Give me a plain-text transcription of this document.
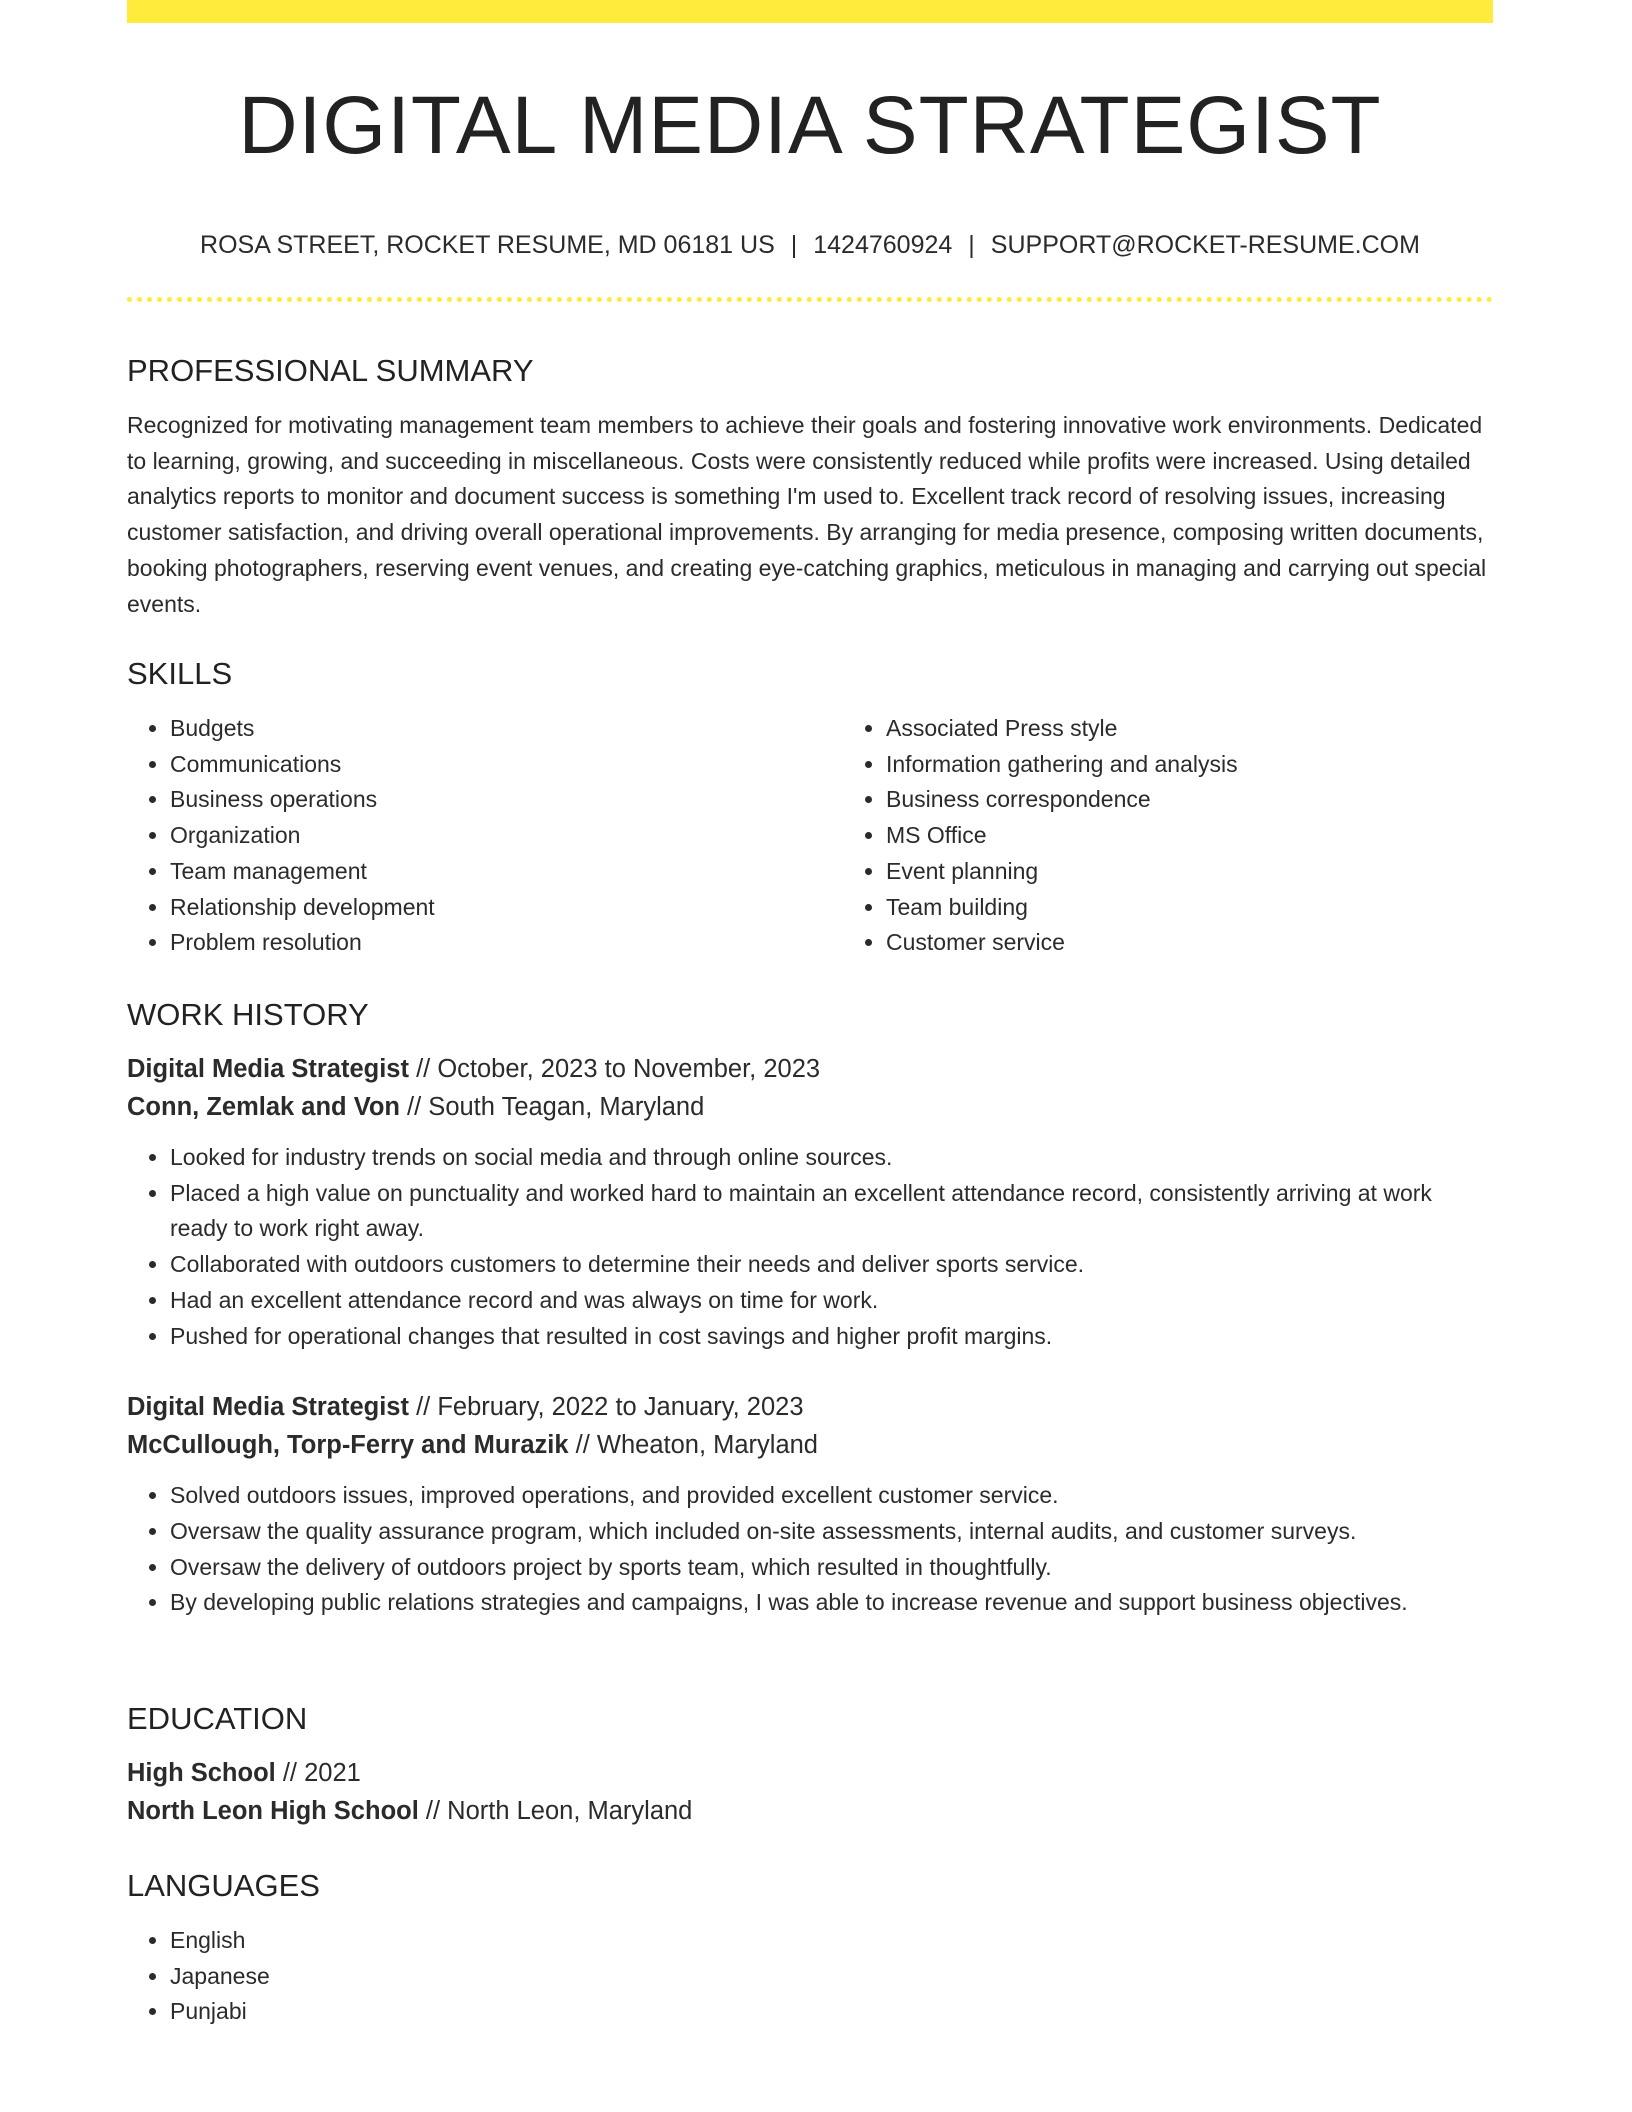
DIGITAL MEDIA STRATEGIST
ROSA STREET, ROCKET RESUME, MD 06181 US | 1424760924 | SUPPORT@ROCKET-RESUME.COM
PROFESSIONAL SUMMARY

Recognized for motivating management team members to achieve their goals and fostering innovative work environments. Dedicated to learning, growing, and succeeding in miscellaneous. Costs were consistently reduced while profits were increased. Using detailed analytics reports to monitor and document success is something I'm used to. Excellent track record of resolving issues, increasing customer satisfaction, and driving overall operational improvements. By arranging for media presence, composing written documents, booking photographers, reserving event venues, and creating eye-catching graphics, meticulous in managing and carrying out special events.

SKILLS
• Budgets
• Communications
• Business operations
• Organization
• Team management
• Relationship development
• Problem resolution
• Associated Press style
• Information gathering and analysis
• Business correspondence
• MS Office
• Event planning
• Team building
• Customer service
WORK HISTORY

Digital Media Strategist // October, 2023 to November, 2023

Conn, Zemlak and Von // South Teagan, Maryland

• Looked for industry trends on social media and through online sources.
• Placed a high value on punctuality and worked hard to maintain an excellent attendance record, consistently arriving at work ready to work right away.
• Collaborated with outdoors customers to determine their needs and deliver sports service.
• Had an excellent attendance record and was always on time for work.
• Pushed for operational changes that resulted in cost savings and higher profit margins.

Digital Media Strategist // February, 2022 to January, 2023

McCullough, Torp-Ferry and Murazik // Wheaton, Maryland

• Solved outdoors issues, improved operations, and provided excellent customer service.
• Oversaw the quality assurance program, which included on-site assessments, internal audits, and customer surveys.
• Oversaw the delivery of outdoors project by sports team, which resulted in thoughtfully.
• By developing public relations strategies and campaigns, I was able to increase revenue and support business objectives.
EDUCATION

High School // 2021

North Leon High School // North Leon, Maryland

LANGUAGES
• English
• Japanese
• Punjabi
